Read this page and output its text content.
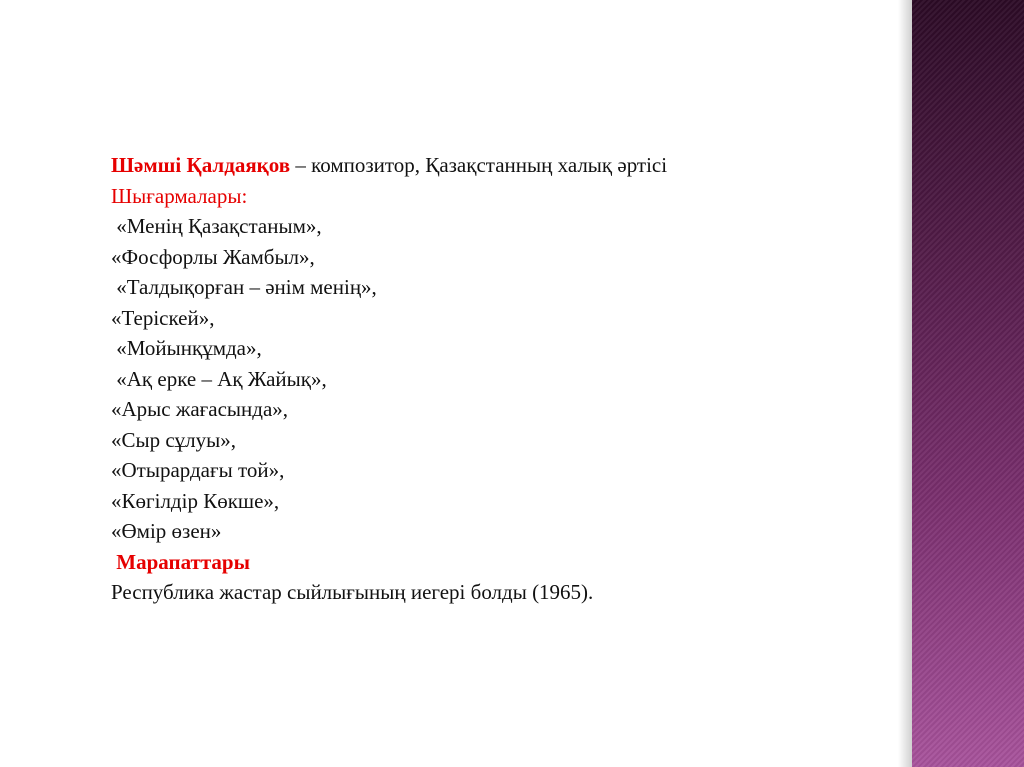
Шәмші Қалдаяқов – композитор, Қазақстанның халық әртісі
Шығармалары:
«Менің Қазақстаным»,
«Фосфорлы Жамбыл»,
«Талдықорған – әнім менің»,
«Теріскей»,
«Мойынқұмда»,
«Ақ ерке – Ақ Жайық»,
«Арыс жағасында»,
«Сыр сұлуы»,
«Отырардағы той»,
«Көгілдір Көкше»,
«Өмір өзен»
Марапаттары
Республика жастар сыйлығының иегері болды (1965).
